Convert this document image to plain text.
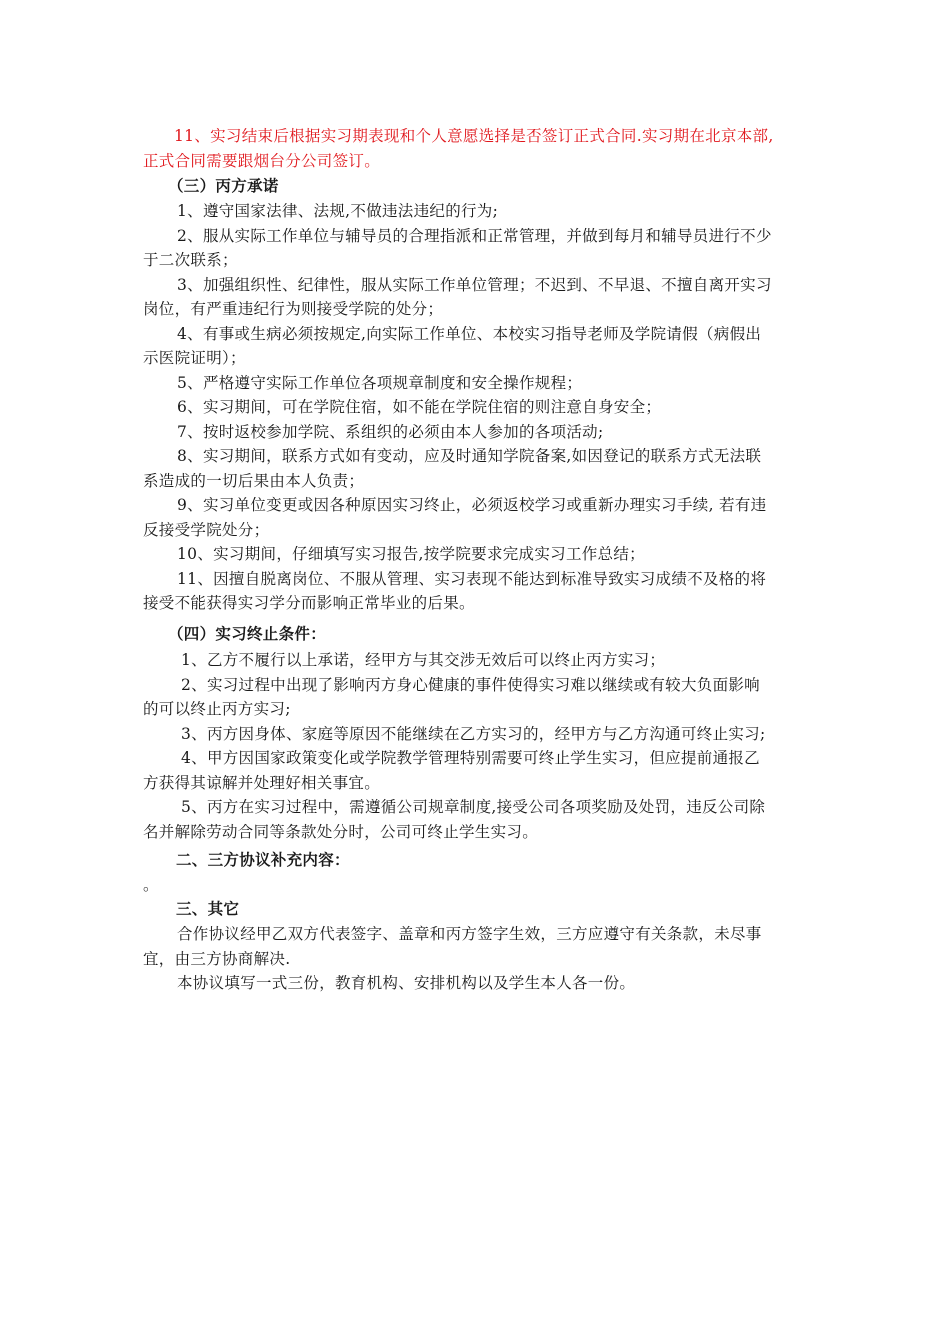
11、实习结束后根据实习期表现和个人意愿选择是否签订正式合同.实习期在北京本部,
正式合同需要跟烟台分公司签订。
（三）丙方承诺
1、遵守国家法律、法规,不做违法违纪的行为;
2、服从实际工作单位与辅导员的合理指派和正常管理，并做到每月和辅导员进行不少
于二次联系；
3、加强组织性、纪律性，服从实际工作单位管理；不迟到、不早退、不擅自离开实习
岗位，有严重违纪行为则接受学院的处分；
4、有事或生病必须按规定,向实际工作单位、本校实习指导老师及学院请假（病假出
示医院证明）；
5、严格遵守实际工作单位各项规章制度和安全操作规程；
6、实习期间，可在学院住宿，如不能在学院住宿的则注意自身安全；
7、按时返校参加学院、系组织的必须由本人参加的各项活动;
8、实习期间，联系方式如有变动，应及时通知学院备案,如因登记的联系方式无法联
系造成的一切后果由本人负责；
9、实习单位变更或因各种原因实习终止，必须返校学习或重新办理实习手续, 若有违
反接受学院处分；
10、实习期间，仔细填写实习报告,按学院要求完成实习工作总结；
11、因擅自脱离岗位、不服从管理、实习表现不能达到标准导致实习成绩不及格的将
接受不能获得实习学分而影响正常毕业的后果。
（四）实习终止条件：
1、乙方不履行以上承诺，经甲方与其交涉无效后可以终止丙方实习；
2、实习过程中出现了影响丙方身心健康的事件使得实习难以继续或有较大负面影响
的可以终止丙方实习;
3、丙方因身体、家庭等原因不能继续在乙方实习的，经甲方与乙方沟通可终止实习;
4、甲方因国家政策变化或学院教学管理特别需要可终止学生实习，但应提前通报乙
方获得其谅解并处理好相关事宜。
5、丙方在实习过程中，需遵循公司规章制度,接受公司各项奖励及处罚，违反公司除
名并解除劳动合同等条款处分时，公司可终止学生实习。
二、三方协议补充内容：
。
三、其它
合作协议经甲乙双方代表签字、盖章和丙方签字生效，三方应遵守有关条款，未尽事
宜，由三方协商解决.
本协议填写一式三份，教育机构、安排机构以及学生本人各一份。
